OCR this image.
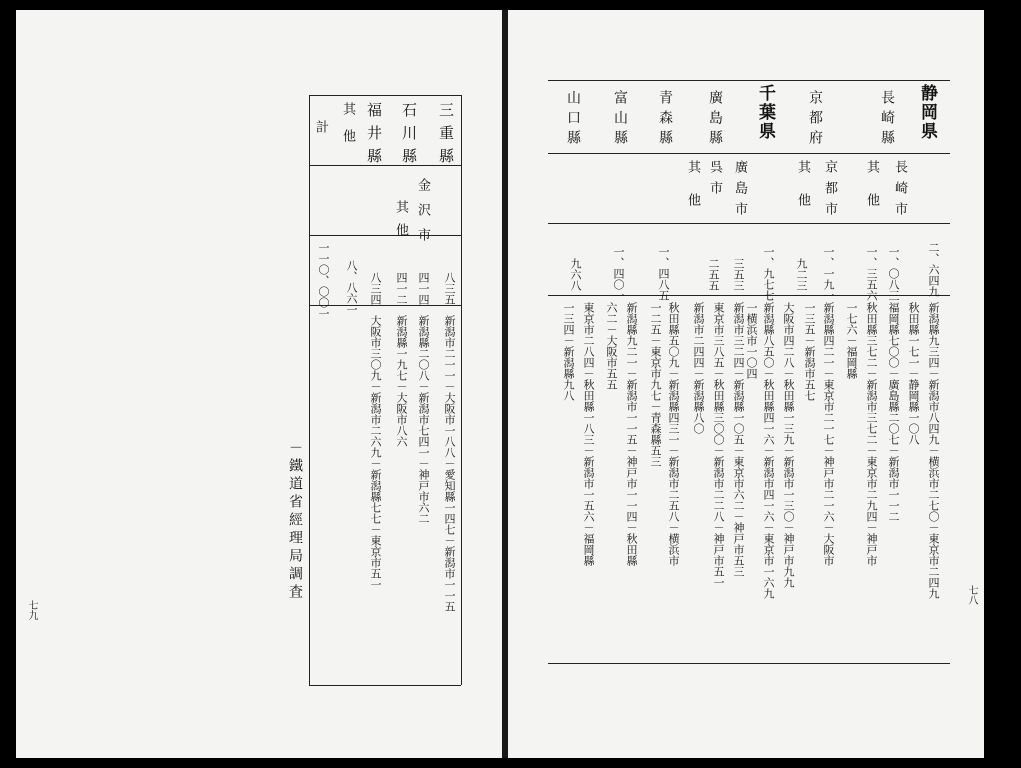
三重縣
石川縣
福井縣
其他
計
金沢市
其他
八三五
四一四
四一二
八三四
八、八六一
一一〇、〇〇一
新潟市二一一－大阪市一八八－愛知縣一四七－新潟市一一五
新潟縣二〇八－新潟市七四一－神戸市六二
新潟縣一九七－大阪市八六
大阪市三〇九－新潟市二六九－新潟縣七七－東京市五一
－鐵道省經理局調査
七九
静岡県
千葉県	長崎縣
京都府
廣島縣
青森縣
富山縣
山口縣
長崎市
其他
京都市
其他
廣島市
呉市
其他
二、六四九
一、〇八三
一、三五六
一、一九一
九二三
一、九七七
三五三
一、四八五	二五五
一、四〇一
九六八
新潟縣九三四－新潟市八四九－横浜市二七〇－東京市二四九
秋田縣一七一－静岡縣一〇八
福岡縣七〇〇－廣島縣二〇七－新潟市一一二
秋田縣三七二－新潟市三七二－東京市二九四－神戸市
一七六－福岡縣
新潟縣四二一－東京市二一七－神戸市二一六－大阪市
一三五－新潟市五七
大阪市四二八－秋田縣一三九－新潟市一三〇－神戸市九九
新潟縣八五〇－秋田縣四一六－新潟市四一六－東京市一六九
一横浜市一〇四
新潟市三二四－新潟縣一〇五－東京市六二－神戸市五三
東京市三八五－秋田縣三〇〇－新潟市二二八－神戸市五一
新潟市二四四－新潟縣八〇
秋田縣五〇九－新潟縣四三一－新潟市二五八－横浜市
一二五－東京市九七－青森縣五三
新潟縣九二一－新潟市一一五－神戸市一一四－秋田縣
六二－大阪市五五
東京市二八四－秋田縣一八三－新潟市一五六－福岡縣
一三四－新潟縣九八
七八
